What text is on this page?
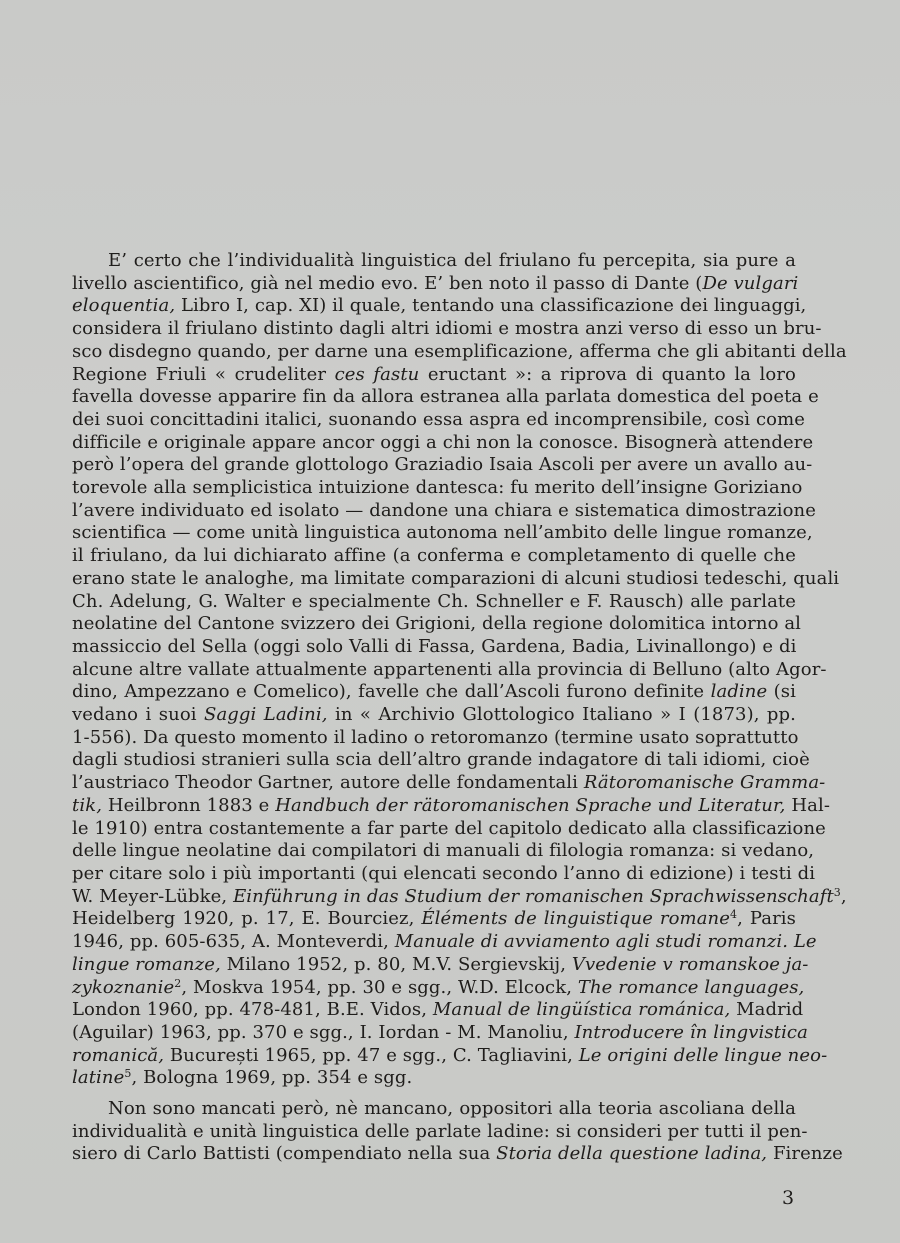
E’ certo che l’individualità linguistica del friulano fu percepita, sia pure a
livello ascientifico, già nel medio evo. E’ ben noto il passo di Dante (De vulgari
eloquentia, Libro I, cap. XI) il quale, tentando una classificazione dei linguaggi,
considera il friulano distinto dagli altri idiomi e mostra anzi verso di esso un bru-
sco disdegno quando, per darne una esemplificazione, afferma che gli abitanti della
Regione Friuli « crudeliter ces fastu eructant »: a riprova di quanto la loro
favella dovesse apparire fin da allora estranea alla parlata domestica del poeta e
dei suoi concittadini italici, suonando essa aspra ed incomprensibile, così come
difficile e originale appare ancor oggi a chi non la conosce. Bisognerà attendere
però l’opera del grande glottologo Graziadio Isaia Ascoli per avere un avallo au-
torevole alla semplicistica intuizione dantesca: fu merito dell’insigne Goriziano
l’avere individuato ed isolato — dandone una chiara e sistematica dimostrazione
scientifica — come unità linguistica autonoma nell’ambito delle lingue romanze,
il friulano, da lui dichiarato affine (a conferma e completamento di quelle che
erano state le analoghe, ma limitate comparazioni di alcuni studiosi tedeschi, quali
Ch. Adelung, G. Walter e specialmente Ch. Schneller e F. Rausch) alle parlate
neolatine del Cantone svizzero dei Grigioni, della regione dolomitica intorno al
massiccio del Sella (oggi solo Valli di Fassa, Gardena, Badia, Livinallongo) e di
alcune altre vallate attualmente appartenenti alla provincia di Belluno (alto Agor-
dino, Ampezzano e Comelico), favelle che dall’Ascoli furono definite ladine (si
vedano i suoi Saggi Ladini, in « Archivio Glottologico Italiano » I (1873), pp.
1-556). Da questo momento il ladino o retoromanzo (termine usato soprattutto
dagli studiosi stranieri sulla scia dell’altro grande indagatore di tali idiomi, cioè
l’austriaco Theodor Gartner, autore delle fondamentali Rätoromanische Gramma-
tik, Heilbronn 1883 e Handbuch der rätoromanischen Sprache und Literatur, Hal-
le 1910) entra costantemente a far parte del capitolo dedicato alla classificazione
delle lingue neolatine dai compilatori di manuali di filologia romanza: si vedano,
per citare solo i più importanti (qui elencati secondo l’anno di edizione) i testi di
W. Meyer-Lübke, Einführung in das Studium der romanischen Sprachwissenschaft$^3$,
Heidelberg 1920, p. 17, E. Bourciez, Éléments de linguistique romane$^4$, Paris
1946, pp. 605-635, A. Monteverdi, Manuale di avviamento agli studi romanzi. Le
lingue romanze, Milano 1952, p. 80, M.V. Sergievskij, Vvedenie v romanskoe ja-
zykoznanie$^2$, Moskva 1954, pp. 30 e sgg., W.D. Elcock, The romance languages,
London 1960, pp. 478-481, B.E. Vidos, Manual de lingüística románica, Madrid
(Aguilar) 1963, pp. 370 e sgg., I. Iordan - M. Manoliu, Introducere în lingvistica
romanică, București 1965, pp. 47 e sgg., C. Tagliavini, Le origini delle lingue neo-
latine$^5$, Bologna 1969, pp. 354 e sgg.
Non sono mancati però, nè mancano, oppositori alla teoria ascoliana della
individualità e unità linguistica delle parlate ladine: si consideri per tutti il pen-
siero di Carlo Battisti (compendiato nella sua Storia della questione ladina, Firenze
3
